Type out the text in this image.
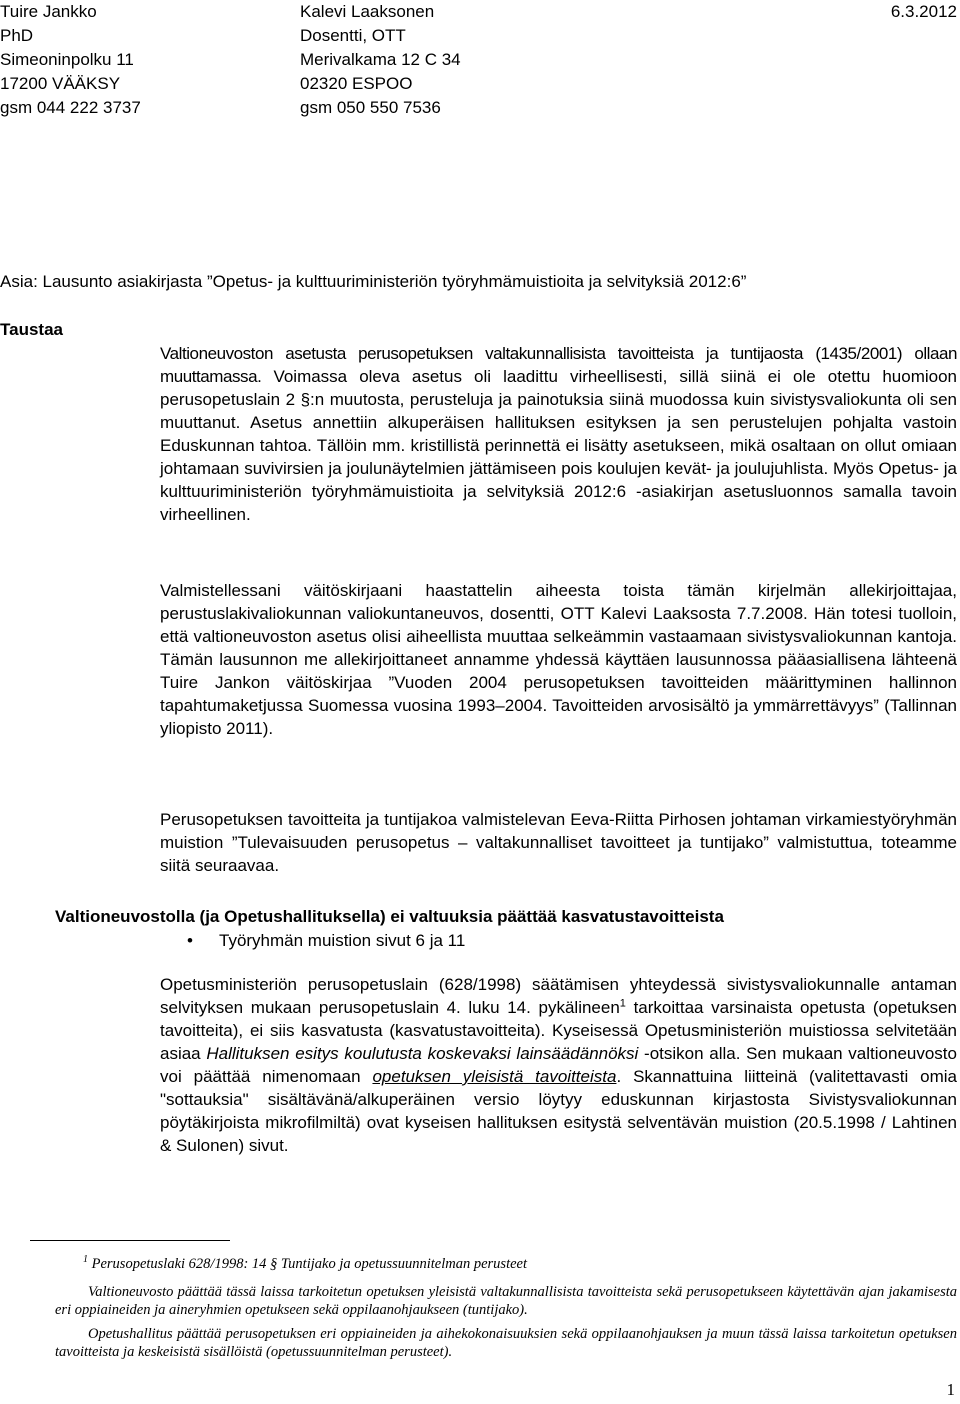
Tuire Jankko
PhD
Simeoninpolku 11
17200 VÄÄKSY
gsm 044 222 3737
Kalevi Laaksonen
Dosentti, OTT
Merivalkama 12 C 34
02320 ESPOO
gsm 050 550 7536
6.3.2012
Asia: Lausunto asiakirjasta ”Opetus- ja kulttuuriministeriön työryhmämuistioita ja selvityksiä 2012:6”
Taustaa

Valtioneuvoston asetusta perusopetuksen valtakunnallisista tavoitteista ja tuntijaosta (1435/2001) ollaan muuttamassa. Voimassa oleva asetus oli laadittu virheellisesti, sillä siinä ei ole otettu huomioon perusopetuslain 2 §:n muutosta, perusteluja ja painotuksia siinä muodossa kuin sivistysvaliokunta oli sen muuttanut. Asetus annettiin alkuperäisen hallituksen esityksen ja sen perustelujen pohjalta vastoin Eduskunnan tahtoa. Tällöin mm. kristillistä perinnettä ei lisätty asetukseen, mikä osaltaan on ollut omiaan johtamaan suvivirsien ja joulunäytelmien jättämiseen pois koulujen kevät- ja joulujuhlista. Myös Opetus- ja kulttuuriministeriön työryhmämuistioita ja selvityksiä 2012:6 -asiakirjan asetusluonnos samalla tavoin virheellinen.

Valmistellessani väitöskirjaani haastattelin aiheesta toista tämän kirjelmän allekirjoittajaa, perustuslakivaliokunnan valiokuntaneuvos, dosentti, OTT Kalevi Laaksosta 7.7.2008. Hän totesi tuolloin, että valtioneuvoston asetus olisi aiheellista muuttaa selkeämmin vastaamaan sivistysvaliokunnan kantoja. Tämän lausunnon me allekirjoittaneet annamme yhdessä käyttäen lausunnossa pääasiallisena lähteenä Tuire Jankon väitöskirjaa ”Vuoden 2004 perusopetuksen tavoitteiden määrittyminen hallinnon tapahtumaketjussa Suomessa vuosina 1993–2004. Tavoitteiden arvosisältö ja ymmärrettävyys” (Tallinnan yliopisto 2011).

Perusopetuksen tavoitteita ja tuntijakoa valmistelevan Eeva-Riitta Pirhosen johtaman virkamiestyöryhmän muistion ”Tulevaisuuden perusopetus – valtakunnalliset tavoitteet ja tuntijako” valmistuttua, toteamme siitä seuraavaa.

Valtioneuvostolla (ja Opetushallituksella) ei valtuuksia päättää kasvatustavoitteista
• Työryhmän muistion sivut 6 ja 11

Opetusministeriön perusopetuslain (628/1998) säätämisen yhteydessä sivistysvaliokunnalle antaman selvityksen mukaan perusopetuslain 4. luku 14. pykälineen$^1$ tarkoittaa varsinaista opetusta (opetuksen tavoitteita), ei siis kasvatusta (kasvatustavoitteita). Kyseisessä Opetusministeriön muistiossa selvitetään asiaa Hallituksen esitys koulutusta koskevaksi lainsäädännöksi -otsikon alla. Sen mukaan valtioneuvosto voi päättää nimenomaan opetuksen yleisistä tavoitteista. Skannattuina liitteinä (valitettavasti omia "sottauksia" sisältävänä/alkuperäinen versio löytyy eduskunnan kirjastosta Sivistysvaliokunnan pöytäkirjoista mikrofilmiltä) ovat kyseisen hallituksen esitystä selventävän muistion (20.5.1998 / Lahtinen & Sulonen) sivut.

$^1$ Perusopetuslaki 628/1998: 14 § Tuntijako ja opetussuunnitelman perusteet
Valtioneuvosto päättää tässä laissa tarkoitetun opetuksen yleisistä valtakunnallisista tavoitteista sekä perusopetukseen käytettävän ajan jakamisesta eri oppiaineiden ja aineryhmien opetukseen sekä oppilaanohjaukseen (tuntijako).
Opetushallitus päättää perusopetuksen eri oppiaineiden ja aihekokonaisuuksien sekä oppilaanohjauksen ja muun tässä laissa tarkoitetun opetuksen tavoitteista ja keskeisistä sisällöistä (opetussuunnitelman perusteet).
1
